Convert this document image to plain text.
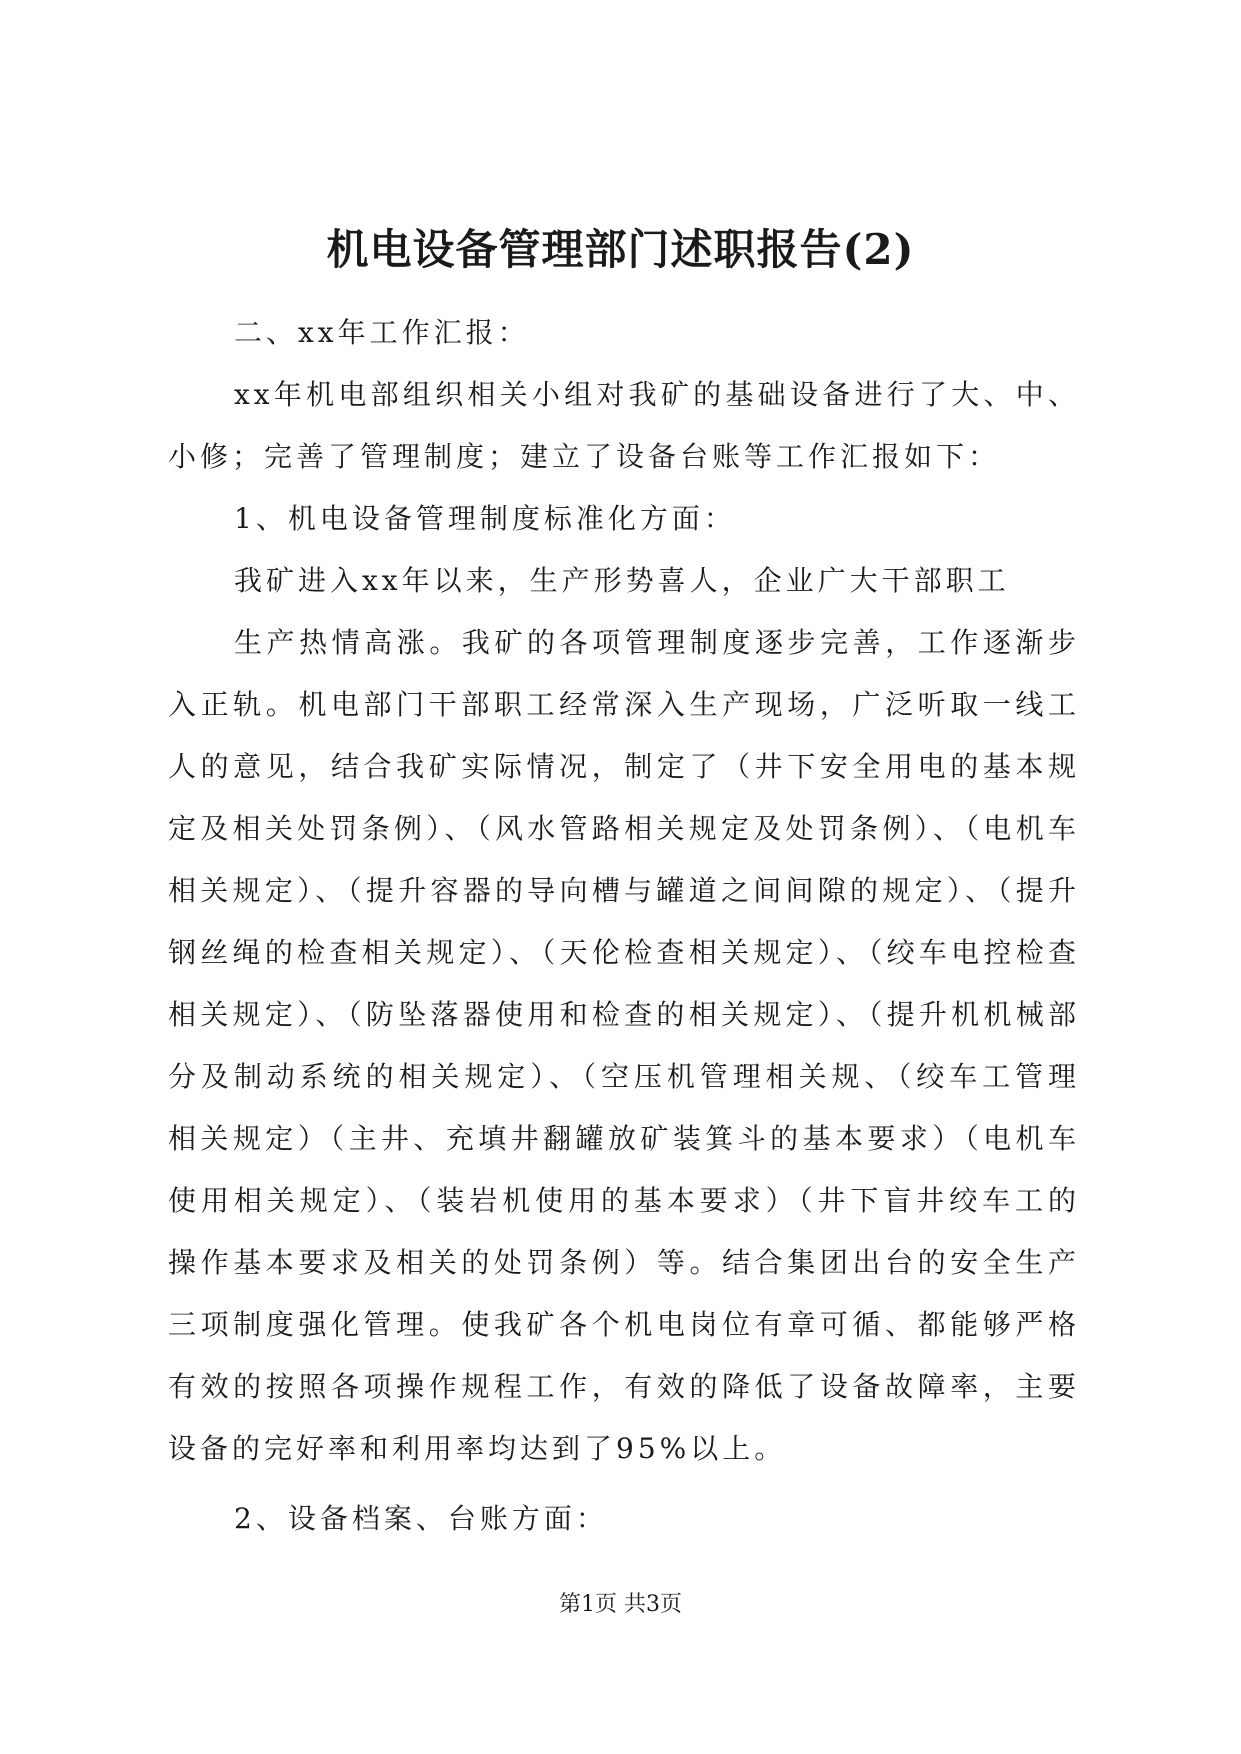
机电设备管理部门述职报告(2)

二、xx年工作汇报：

xx年机电部组织相关小组对我矿的基础设备进行了大、中、小修；完善了管理制度；建立了设备台账等工作汇报如下：

1、机电设备管理制度标准化方面：

我矿进入xx年以来，生产形势喜人，企业广大干部职工

生产热情高涨。我矿的各项管理制度逐步完善，工作逐渐步入正轨。机电部门干部职工经常深入生产现场，广泛听取一线工人的意见，结合我矿实际情况，制定了（井下安全用电的基本规定及相关处罚条例）、（风水管路相关规定及处罚条例）、（电机车相关规定）、（提升容器的导向槽与罐道之间间隙的规定）、（提升钢丝绳的检查相关规定）、（天伦检查相关规定）、（绞车电控检查相关规定）、（防坠落器使用和检查的相关规定）、（提升机机械部分及制动系统的相关规定）、（空压机管理相关规、（绞车工管理相关规定）（主井、充填井翻罐放矿装箕斗的基本要求）（电机车使用相关规定）、（装岩机使用的基本要求）（井下盲井绞车工的操作基本要求及相关的处罚条例）等。结合集团出台的安全生产三项制度强化管理。使我矿各个机电岗位有章可循、都能够严格有效的按照各项操作规程工作，有效的降低了设备故障率，主要设备的完好率和利用率均达到了95%以上。

2、设备档案、台账方面：

第1页 共3页
